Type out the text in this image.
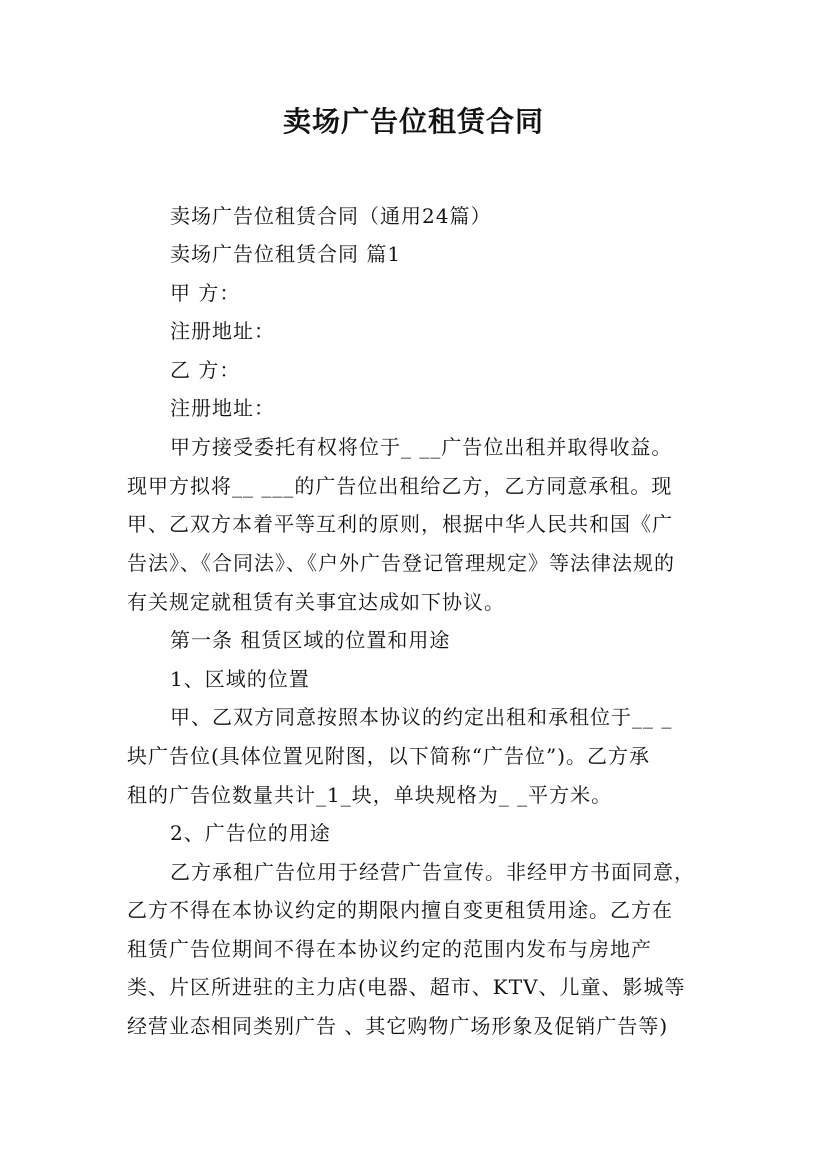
卖场广告位租赁合同
卖场广告位租赁合同（通用24篇）
卖场广告位租赁合同 篇1
甲 方：
注册地址：
乙 方：
注册地址：
甲方接受委托有权将位于_ __广告位出租并取得收益。
现甲方拟将__ ___的广告位出租给乙方，乙方同意承租。现
甲、乙双方本着平等互利的原则，根据中华人民共和国《广
告法》、《合同法》、《户外广告登记管理规定》等法律法规的
有关规定就租赁有关事宜达成如下协议。
第一条 租赁区域的位置和用途
1、区域的位置
甲、乙双方同意按照本协议的约定出租和承租位于__ _
块广告位(具体位置见附图，以下简称“广告位”)。乙方承
租的广告位数量共计_1_块，单块规格为_ _平方米。
2、广告位的用途
乙方承租广告位用于经营广告宣传。非经甲方书面同意，
乙方不得在本协议约定的期限内擅自变更租赁用途。乙方在
租赁广告位期间不得在本协议约定的范围内发布与房地产
类、片区所进驻的主力店(电器、超市、KTV、儿童、影城等
经营业态相同类别广告 、其它购物广场形象及促销广告等)
